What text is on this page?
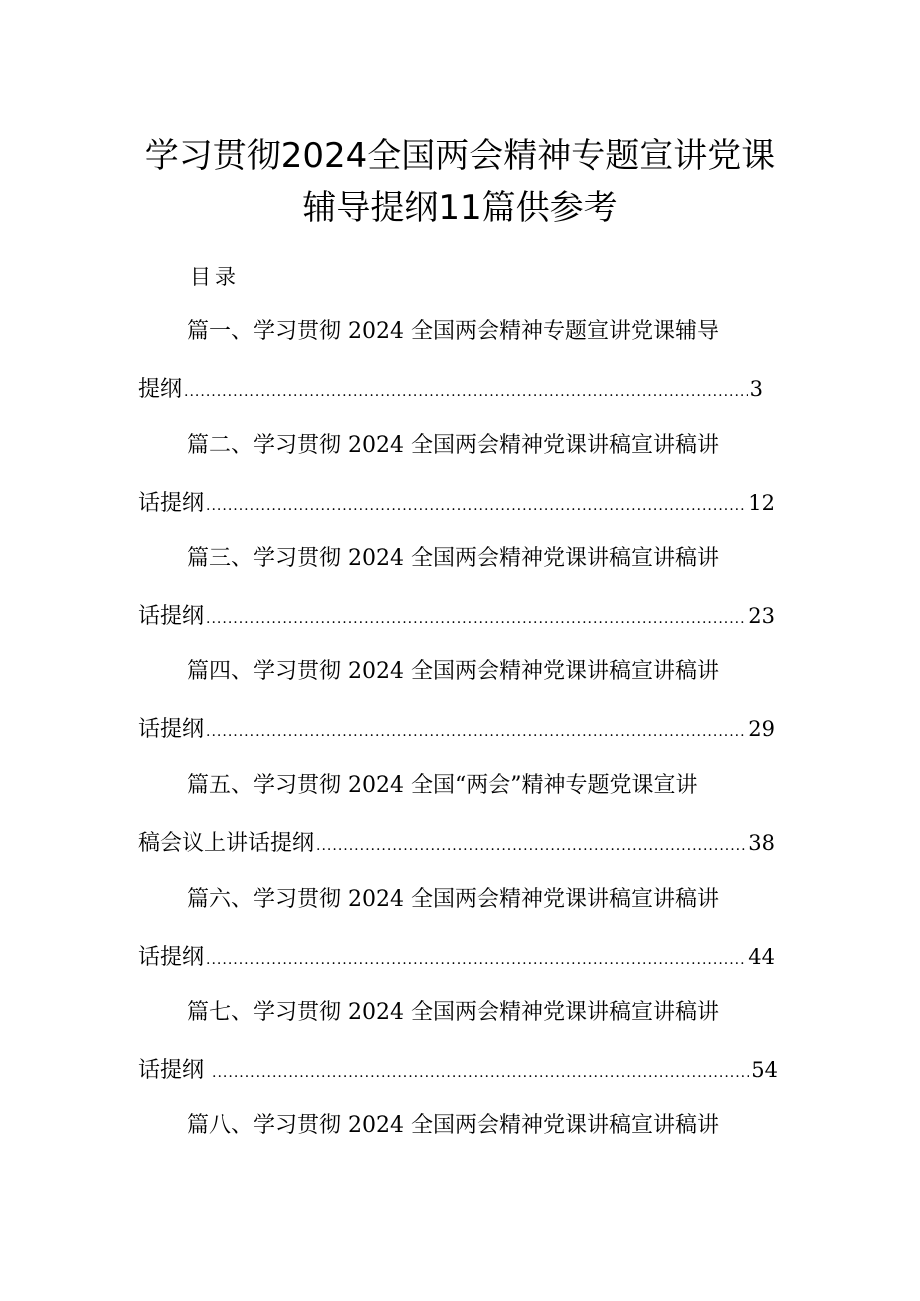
学习贯彻2024全国两会精神专题宣讲党课
辅导提纲11篇供参考
目录
篇一、学习贯彻 2024 全国两会精神专题宣讲党课辅导
提纲 .....	3
篇二、学习贯彻 2024 全国两会精神党课讲稿宣讲稿讲
话提纲 .....	12
篇三、学习贯彻 2024 全国两会精神党课讲稿宣讲稿讲
话提纲 .....	23
篇四、学习贯彻 2024 全国两会精神党课讲稿宣讲稿讲
话提纲 .....	29
篇五、学习贯彻 2024 全国“两会”精神专题党课宣讲
稿会议上讲话提纲 .....	38
篇六、学习贯彻 2024 全国两会精神党课讲稿宣讲稿讲
话提纲 .....	44
篇七、学习贯彻 2024 全国两会精神党课讲稿宣讲稿讲
话提纲 .....	54
篇八、学习贯彻 2024 全国两会精神党课讲稿宣讲稿讲
